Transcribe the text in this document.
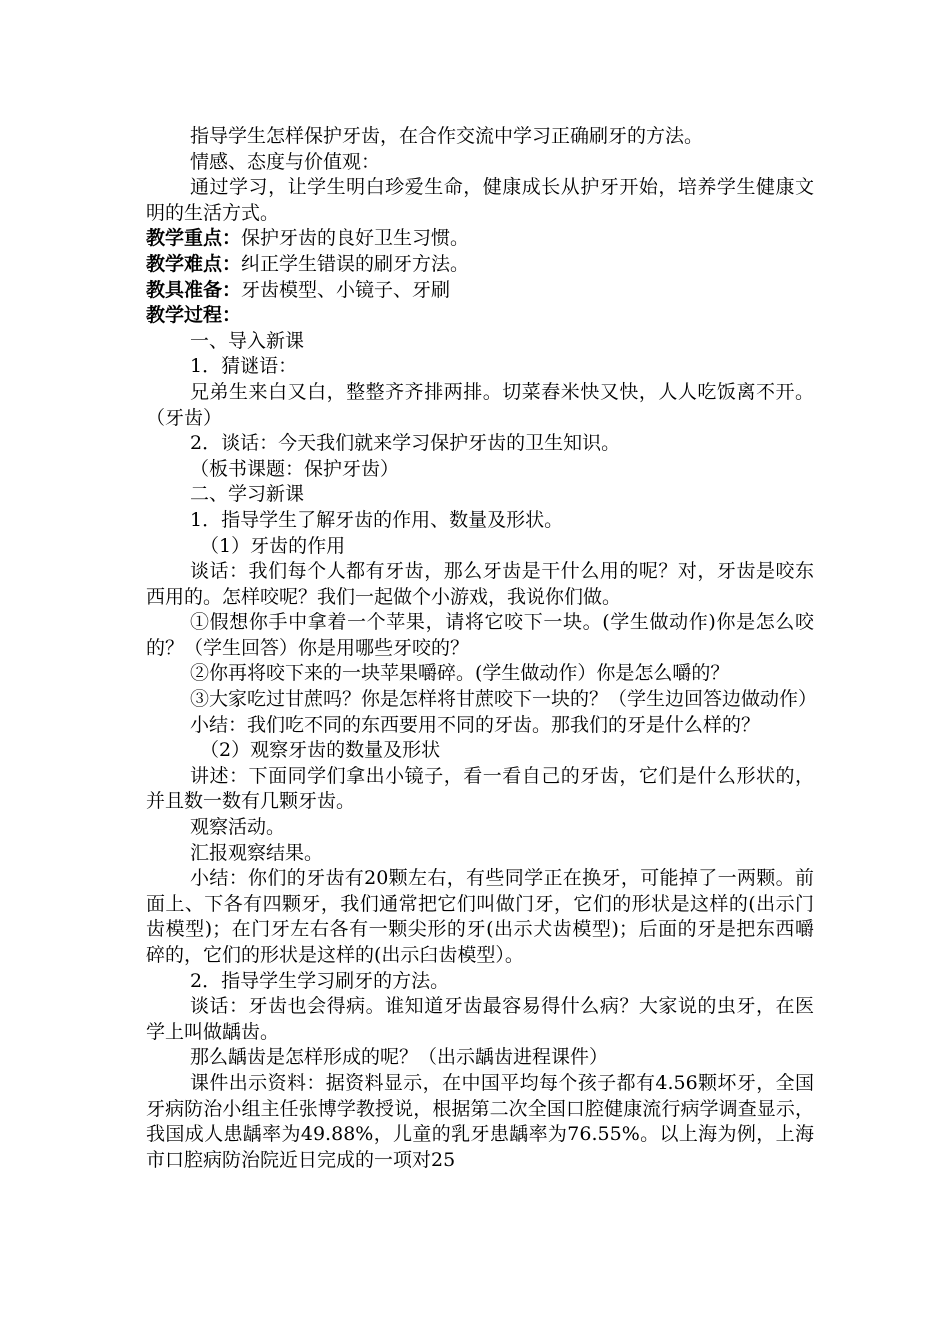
指导学生怎样保护牙齿，在合作交流中学习正确刷牙的方法。

情感、态度与价值观：

通过学习，让学生明白珍爱生命，健康成长从护牙开始，培养学生健康文明的生活方式。

教学重点：保护牙齿的良好卫生习惯。

教学难点：纠正学生错误的刷牙方法。

教具准备：牙齿模型、小镜子、牙刷

教学过程：

一、导入新课

1．猜谜语：

兄弟生来白又白，整整齐齐排两排。切菜舂米快又快，人人吃饭离不开。（牙齿）

2．谈话：今天我们就来学习保护牙齿的卫生知识。

（板书课题：保护牙齿）

二、学习新课

1．指导学生了解牙齿的作用、数量及形状。

（1）牙齿的作用

谈话：我们每个人都有牙齿，那么牙齿是干什么用的呢？对，牙齿是咬东西用的。怎样咬呢？我们一起做个小游戏，我说你们做。

①假想你手中拿着一个苹果，请将它咬下一块。(学生做动作)你是怎么咬的？（学生回答）你是用哪些牙咬的？

②你再将咬下来的一块苹果嚼碎。(学生做动作）你是怎么嚼的？

③大家吃过甘蔗吗？你是怎样将甘蔗咬下一块的？（学生边回答边做动作）

小结：我们吃不同的东西要用不同的牙齿。那我们的牙是什么样的？

（2）观察牙齿的数量及形状

讲述：下面同学们拿出小镜子，看一看自己的牙齿，它们是什么形状的，并且数一数有几颗牙齿。

观察活动。

汇报观察结果。

小结：你们的牙齿有20颗左右，有些同学正在换牙，可能掉了一两颗。前面上、下各有四颗牙，我们通常把它们叫做门牙，它们的形状是这样的(出示门齿模型)；在门牙左右各有一颗尖形的牙(出示犬齿模型)；后面的牙是把东西嚼碎的，它们的形状是这样的(出示臼齿模型）。

2．指导学生学习刷牙的方法。

谈话：牙齿也会得病。谁知道牙齿最容易得什么病？大家说的虫牙，在医学上叫做龋齿。

那么龋齿是怎样形成的呢？（出示龋齿进程课件）

课件出示资料：据资料显示，在中国平均每个孩子都有4.56颗坏牙，全国牙病防治小组主任张博学教授说，根据第二次全国口腔健康流行病学调查显示，我国成人患龋率为49.88%，儿童的乳牙患龋率为76.55%。以上海为例，上海市口腔病防治院近日完成的一项对25
